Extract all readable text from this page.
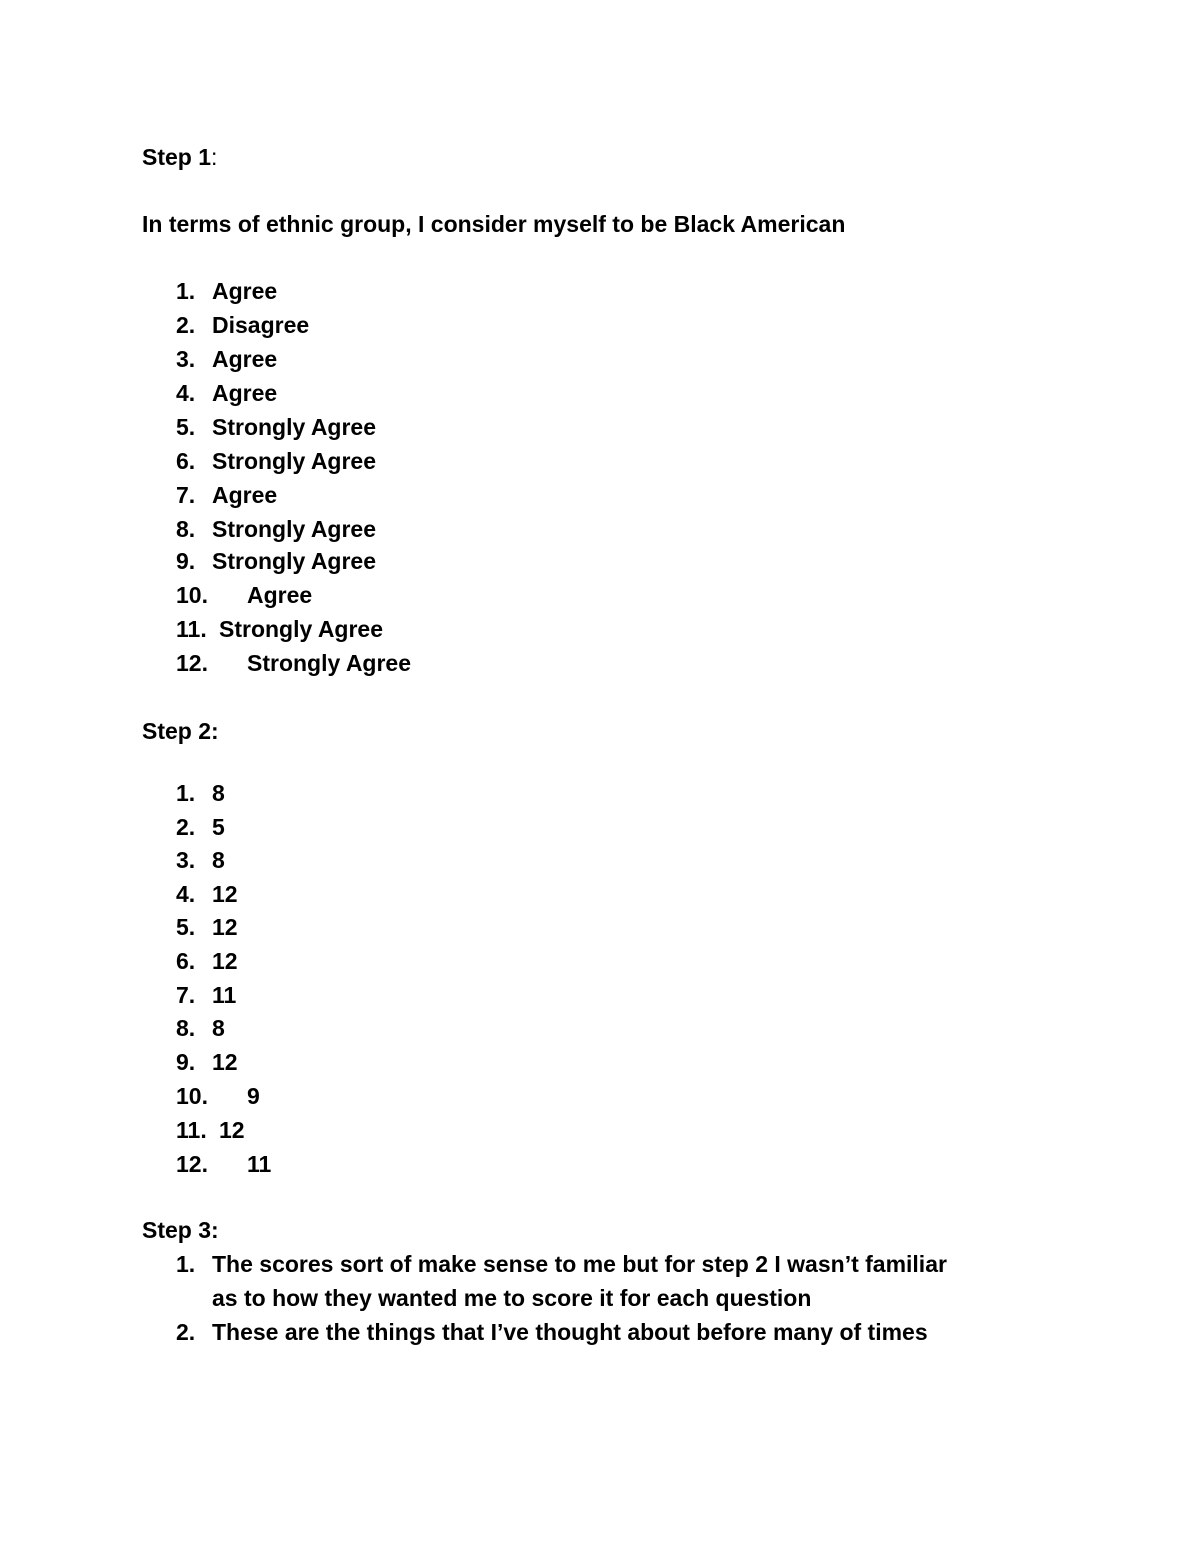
Step 1:
In terms of ethnic group, I consider myself to be Black American
1. Agree
2. Disagree
3. Agree
4. Agree
5. Strongly Agree
6. Strongly Agree
7. Agree
8. Strongly Agree
9. Strongly Agree
10. Agree
11. Strongly Agree
12. Strongly Agree
Step 2:
1. 8
2. 5
3. 8
4. 12
5. 12
6. 12
7. 11
8. 8
9. 12
10. 9
11. 12
12. 11
Step 3:
1. The scores sort of make sense to me but for step 2 I wasn’t familiar
as to how they wanted me to score it for each question
2. These are the things that I’ve thought about before many of times
